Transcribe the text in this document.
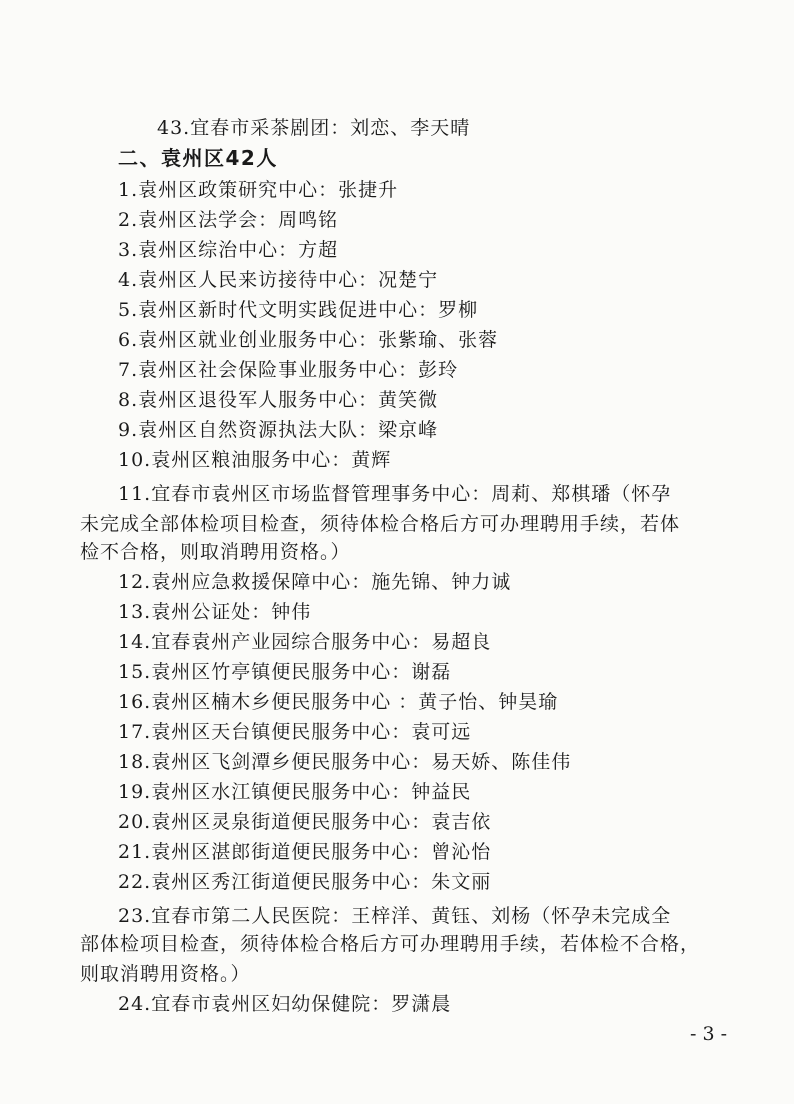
43.宜春市采茶剧团：刘恋、李天晴
二、袁州区42人
1.袁州区政策研究中心：张捷升
2.袁州区法学会：周鸣铭
3.袁州区综治中心：方超
4.袁州区人民来访接待中心：况楚宁
5.袁州区新时代文明实践促进中心：罗柳
6.袁州区就业创业服务中心：张紫瑜、张蓉
7.袁州区社会保险事业服务中心：彭玲
8.袁州区退役军人服务中心：黄笑微
9.袁州区自然资源执法大队：梁京峰
10.袁州区粮油服务中心：黄辉
11.宜春市袁州区市场监督管理事务中心：周莉、郑棋璠（怀孕
未完成全部体检项目检查，须待体检合格后方可办理聘用手续，若体
检不合格，则取消聘用资格。）
12.袁州应急救援保障中心：施先锦、钟力诚
13.袁州公证处：钟伟
14.宜春袁州产业园综合服务中心：易超良
15.袁州区竹亭镇便民服务中心：谢磊
16.袁州区楠木乡便民服务中心 ：黄子怡、钟昊瑜
17.袁州区天台镇便民服务中心：袁可远
18.袁州区飞剑潭乡便民服务中心：易天娇、陈佳伟
19.袁州区水江镇便民服务中心：钟益民
20.袁州区灵泉街道便民服务中心：袁吉依
21.袁州区湛郎街道便民服务中心：曾沁怡
22.袁州区秀江街道便民服务中心：朱文丽
23.宜春市第二人民医院：王梓洋、黄钰、刘杨（怀孕未完成全
部体检项目检查，须待体检合格后方可办理聘用手续，若体检不合格，
则取消聘用资格。）
24.宜春市袁州区妇幼保健院：罗潇晨
- 3 -
